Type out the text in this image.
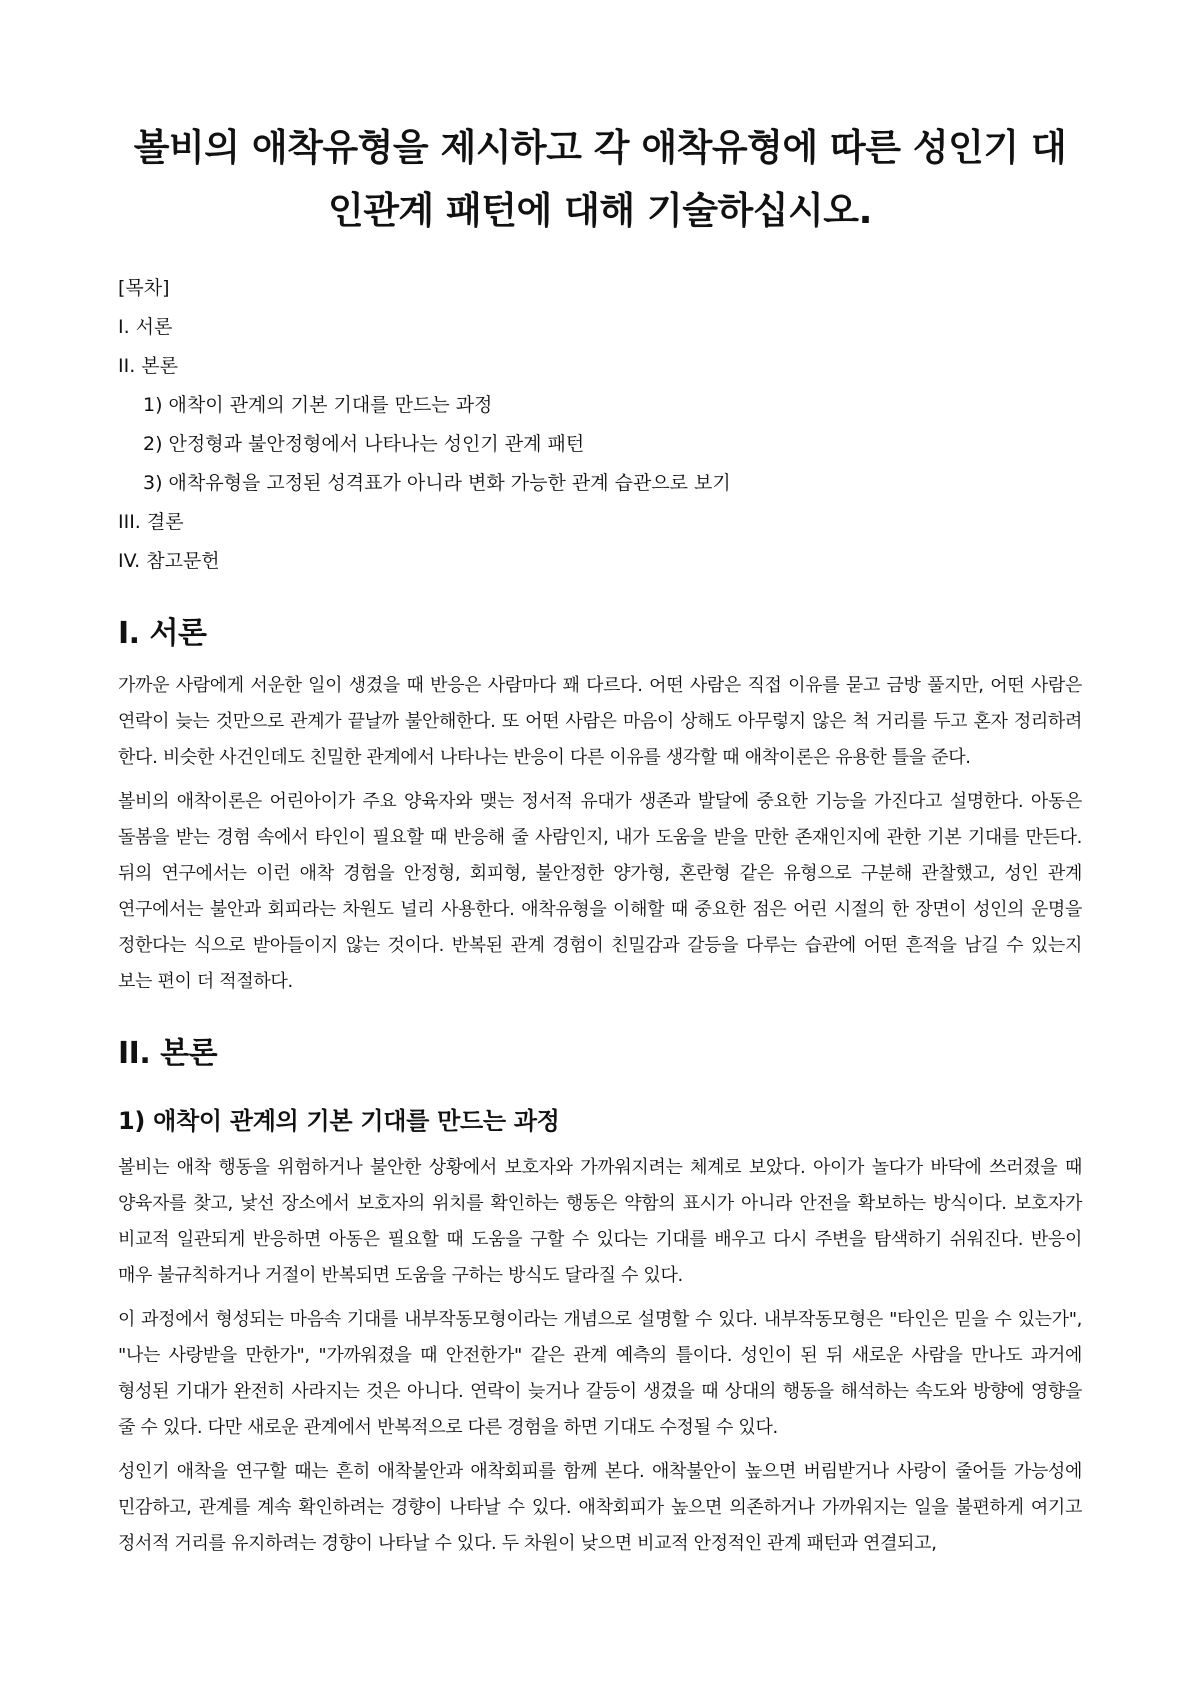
볼비의 애착유형을 제시하고 각 애착유형에 따른 성인기 대인관계 패턴에 대해 기술하십시오.
[목차]
I. 서론
II. 본론
1) 애착이 관계의 기본 기대를 만드는 과정
2) 안정형과 불안정형에서 나타나는 성인기 관계 패턴
3) 애착유형을 고정된 성격표가 아니라 변화 가능한 관계 습관으로 보기
III. 결론
IV. 참고문헌
I. 서론

가까운 사람에게 서운한 일이 생겼을 때 반응은 사람마다 꽤 다르다. 어떤 사람은 직접 이유를 묻고 금방 풀지만, 어떤 사람은 연락이 늦는 것만으로 관계가 끝날까 불안해한다. 또 어떤 사람은 마음이 상해도 아무렇지 않은 척 거리를 두고 혼자 정리하려 한다. 비슷한 사건인데도 친밀한 관계에서 나타나는 반응이 다른 이유를 생각할 때 애착이론은 유용한 틀을 준다.

볼비의 애착이론은 어린아이가 주요 양육자와 맺는 정서적 유대가 생존과 발달에 중요한 기능을 가진다고 설명한다. 아동은 돌봄을 받는 경험 속에서 타인이 필요할 때 반응해 줄 사람인지, 내가 도움을 받을 만한 존재인지에 관한 기본 기대를 만든다. 뒤의 연구에서는 이런 애착 경험을 안정형, 회피형, 불안정한 양가형, 혼란형 같은 유형으로 구분해 관찰했고, 성인 관계 연구에서는 불안과 회피라는 차원도 널리 사용한다. 애착유형을 이해할 때 중요한 점은 어린 시절의 한 장면이 성인의 운명을 정한다는 식으로 받아들이지 않는 것이다. 반복된 관계 경험이 친밀감과 갈등을 다루는 습관에 어떤 흔적을 남길 수 있는지 보는 편이 더 적절하다.

II. 본론
1) 애착이 관계의 기본 기대를 만드는 과정

볼비는 애착 행동을 위험하거나 불안한 상황에서 보호자와 가까워지려는 체계로 보았다. 아이가 놀다가 바닥에 쓰러졌을 때 양육자를 찾고, 낯선 장소에서 보호자의 위치를 확인하는 행동은 약함의 표시가 아니라 안전을 확보하는 방식이다. 보호자가 비교적 일관되게 반응하면 아동은 필요할 때 도움을 구할 수 있다는 기대를 배우고 다시 주변을 탐색하기 쉬워진다. 반응이 매우 불규칙하거나 거절이 반복되면 도움을 구하는 방식도 달라질 수 있다.

이 과정에서 형성되는 마음속 기대를 내부작동모형이라는 개념으로 설명할 수 있다. 내부작동모형은 "타인은 믿을 수 있는가", "나는 사랑받을 만한가", "가까워졌을 때 안전한가" 같은 관계 예측의 틀이다. 성인이 된 뒤 새로운 사람을 만나도 과거에 형성된 기대가 완전히 사라지는 것은 아니다. 연락이 늦거나 갈등이 생겼을 때 상대의 행동을 해석하는 속도와 방향에 영향을 줄 수 있다. 다만 새로운 관계에서 반복적으로 다른 경험을 하면 기대도 수정될 수 있다.

성인기 애착을 연구할 때는 흔히 애착불안과 애착회피를 함께 본다. 애착불안이 높으면 버림받거나 사랑이 줄어들 가능성에 민감하고, 관계를 계속 확인하려는 경향이 나타날 수 있다. 애착회피가 높으면 의존하거나 가까워지는 일을 불편하게 여기고 정서적 거리를 유지하려는 경향이 나타날 수 있다. 두 차원이 낮으면 비교적 안정적인 관계 패턴과 연결되고,
